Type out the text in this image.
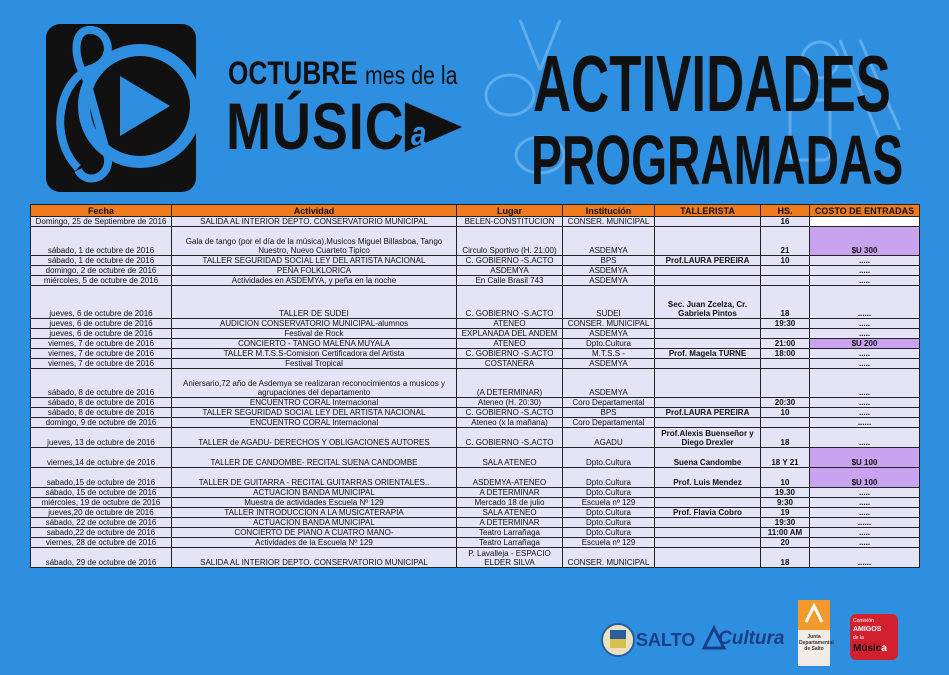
OCTUBRE mes de la
MÚSIC a
ACTIVIDADES
PROGRAMADAS
Fecha	Actividad	Lugar	Institución	TALLERISTA	HS.	COSTO DE ENTRADAS
Domingo, 25 de Septiembre de 2016	SALIDA AL INTERIOR DEPTO. CONSERVATORIO MUNICIPAL	BELEN-CONSTITUCION	CONSER. MUNICIPAL		16	
sábado, 1 de octubre de 2016	Gala de tango (por el día de la música),Musicos Miguel Billasboa, Tango Nuestro, Nuevo Cuarteto Tipico	Circulo Sportivo (H. 21:00)	ASDEMYA		21	$U 300
sábado, 1 de octubre de 2016	TALLER SEGURIDAD SOCIAL LEY DEL ARTISTA NACIONAL	C. GOBIERNO -S.ACTO	BPS	Prof.LAURA PEREIRA	10	.....
domingo, 2 de octubre de 2016	PEÑA FOLKLORICA	ASDEMYA	ASDEMYA			.....
miércoles, 5 de octubre de 2016	Actividades en ASDEMYA, y peña en la noche	En Calle Brasil 743	ASDEMYA			.....
jueves, 6 de octubre de 2016	TALLER DE SUDEI	C. GOBIERNO -S.ACTO	SUDEI	Sec. Juan Zcelza, Cr. Gabriela Pintos	18	......
jueves, 6 de octubre de 2016	AUDICION CONSERVATORIO MUNICIPAL-alumnos	ATENEO	CONSER. MUNICIPAL		19:30	.....
jueves, 6 de octubre de 2016	Festival de Rock	EXPLANADA DEL ANDEM	ASDEMYA			.....
viernes, 7 de octubre de 2016	CONCIERTO - TANGO MALENA MUYALA	ATENEO	Dpto.Cultura		21:00	$U 200
viernes, 7 de octubre de 2016	TALLER M.T.S.S-Comision Certificadora del Artista	C. GOBIERNO -S.ACTO	M.T.S.S -	Prof. Magela TURNE	18:00	.....
viernes, 7 de octubre de 2016	Festival Tropical	COSTANERA	ASDEMYA			.....
sábado, 8 de octubre de 2016	Aniersario,72 año de Asdemya se realizaran reconocimientos a musicos y agrupaciones del departamento	(A DETERMINAR)	ASDEMYA			.....
sábado, 8 de octubre de 2016	ENCUENTRO CORAL Internacional	Ateneo (H. 20:30)	Coro Departamental		20:30	.....
sábado, 8 de octubre de 2016	TALLER SEGURIDAD SOCIAL LEY DEL ARTISTA NACIONAL	C. GOBIERNO -S.ACTO	BPS	Prof.LAURA PEREIRA	10	.....
domingo, 9 de octubre de 2016	ENCUENTRO CORAL Internacional	Ateneo (x la mañana)	Coro Departamental			......
jueves, 13 de octubre de 2016	TALLER de AGADU- DERECHOS Y OBLIGACIONES AUTORES	C. GOBIERNO -S.ACTO	AGADU	Prof.Alexis Buenseñor y Diego Drexler	18	.....
viernes,14 de octubre de 2016	TALLER DE CANDOMBE- RECITAL SUENA CANDOMBE	SALA ATENEO	Dpto.Cultura	Suena Candombe	18 Y 21	$U 100
sabado,15 de octubre de 2016	TALLER DE GUITARRA - RECITAL GUITARRAS ORIENTALES..	ASDEMYA-ATENEO	Dpto.Cultura	Prof. Luis Mendez	10	$U 100
sábado, 15 de octubre de 2016	ACTUACION BANDA MUNICIPAL	A DETERMINAR	Dpto.Cultura		19.30	.....
miércoles, 19 de octubre de 2016	Muestra de actividades Escuela Nº 129	Mercado 18 de julio	Escuela nº 129		9:30	.....
jueves,20 de octubre de 2016	TALLER INTRODUCCION A LA MUSICATERAPIA	SALA ATENEO	Dpto.Cultura	Prof. Flavia Cobro	19	.....
sábado, 22 de octubre de 2016	ACTUACION BANDA MUNICIPAL	A DETERMINAR	Dpto.Cultura		19:30	......
sabado,22 de octubre de 2016	CONCIERTO DE PIANO A CUATRO MANO-	Teatro Larrañaga	Dpto.Cultura		11:00 AM	.....
viernes, 28 de octubre de 2016	Actividades de la Escuela Nº 129	Teatro Larrañaga	Escuela nº 129		20	.....
sábado, 29 de octubre de 2016	SALIDA AL INTERIOR DEPTO. CONSERVATORIO MUNICIPAL	P. Lavalleja - ESPACIO ELDER SILVA	CONSER. MUNICIPAL		18	......
SALTO Cultura	Junta Departamental de Salto
Comisión
AMIGOS
de la
Música
